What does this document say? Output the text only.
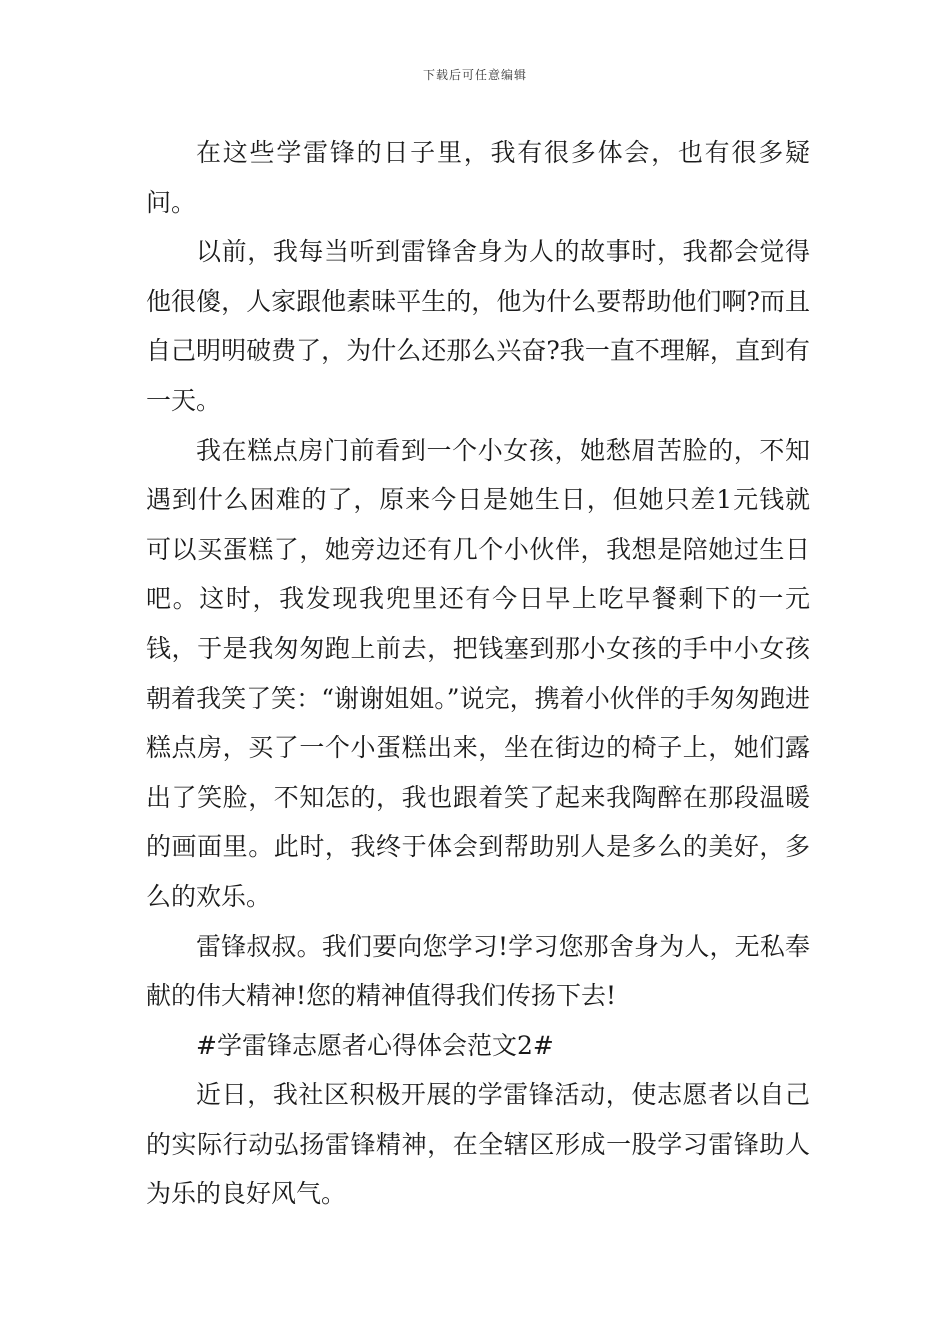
下载后可任意编辑

在这些学雷锋的日子里，我有很多体会，也有很多疑问。

以前，我每当听到雷锋舍身为人的故事时，我都会觉得他很傻，人家跟他素昧平生的，他为什么要帮助他们啊?而且自己明明破费了，为什么还那么兴奋?我一直不理解，直到有一天。

我在糕点房门前看到一个小女孩，她愁眉苦脸的，不知遇到什么困难的了，原来今日是她生日，但她只差1元钱就可以买蛋糕了，她旁边还有几个小伙伴，我想是陪她过生日吧。这时，我发现我兜里还有今日早上吃早餐剩下的一元钱，于是我匆匆跑上前去，把钱塞到那小女孩的手中小女孩朝着我笑了笑：“谢谢姐姐。”说完，携着小伙伴的手匆匆跑进糕点房，买了一个小蛋糕出来，坐在街边的椅子上，她们露出了笑脸，不知怎的，我也跟着笑了起来我陶醉在那段温暖的画面里。此时，我终于体会到帮助别人是多么的美好，多么的欢乐。

雷锋叔叔。我们要向您学习!学习您那舍身为人，无私奉献的伟大精神!您的精神值得我们传扬下去!

#学雷锋志愿者心得体会范文2#

近日，我社区积极开展的学雷锋活动，使志愿者以自己的实际行动弘扬雷锋精神，在全辖区形成一股学习雷锋助人为乐的良好风气。
